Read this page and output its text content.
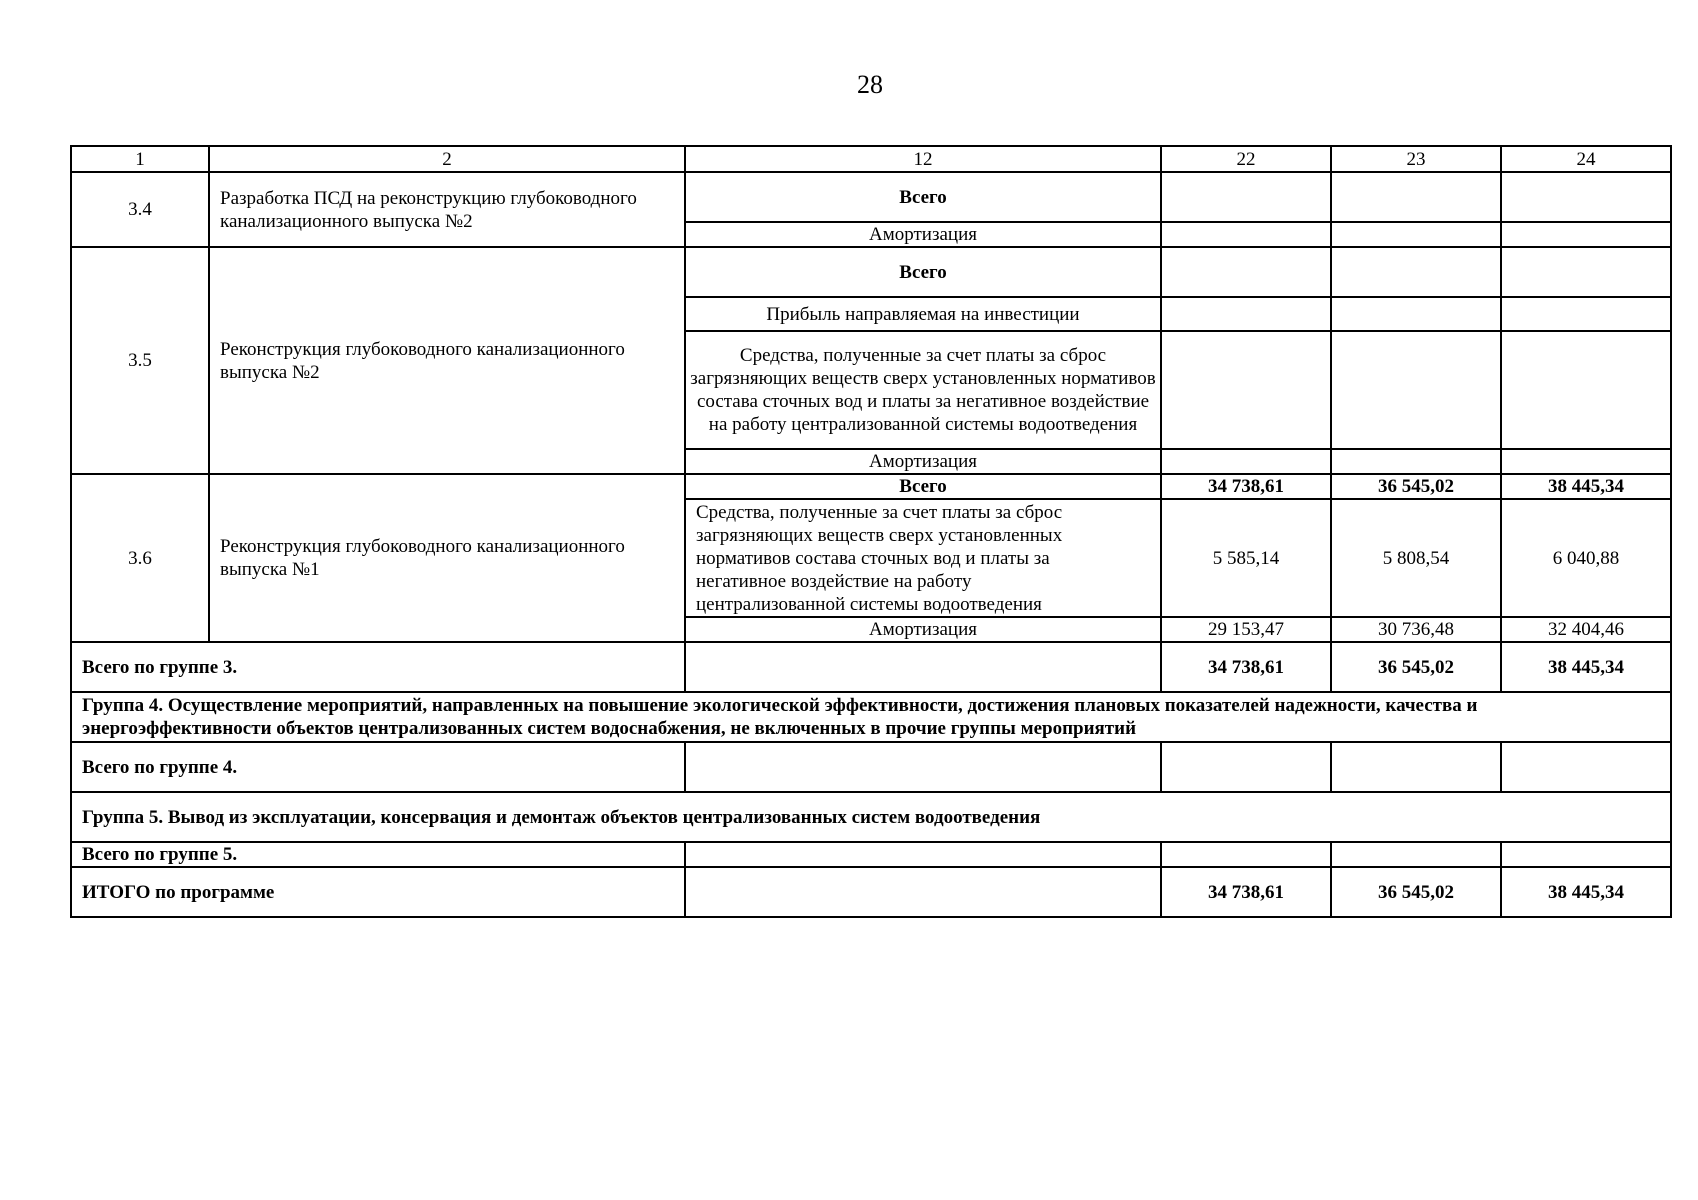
28
1	2	12	22	23	24
3.4	Разработка ПСД на реконструкцию глубоководного канализационного выпуска №2	Всего			
		Амортизация			
3.5	Реконструкция глубоководного канализационного выпуска №2	Всего			
		Прибыль направляемая на инвестиции			
		Средства, полученные за счет платы за сброс загрязняющих веществ сверх установленных нормативов состава сточных вод и платы за негативное воздействие на работу централизованной системы водоотведения			
		Амортизация			
3.6	Реконструкция глубоководного канализационного выпуска №1	Всего	34 738,61	36 545,02	38 445,34
		Средства, полученные за счет платы за сброс загрязняющих веществ сверх установленных нормативов состава сточных вод и платы за негативное воздействие на работу централизованной системы водоотведения	5 585,14	5 808,54	6 040,88
		Амортизация	29 153,47	30 736,48	32 404,46
Всего по группе 3.			34 738,61	36 545,02	38 445,34
Группа 4. Осуществление мероприятий, направленных на повышение экологической эффективности, достижения плановых показателей надежности, качества и энергоэффективности объектов централизованных систем водоснабжения, не включенных в прочие группы мероприятий					
Всего по группе 4.					
Группа 5. Вывод из эксплуатации, консервация и демонтаж объектов централизованных систем водоотведения					
Всего по группе 5.					
ИТОГО по программе			34 738,61	36 545,02	38 445,34
